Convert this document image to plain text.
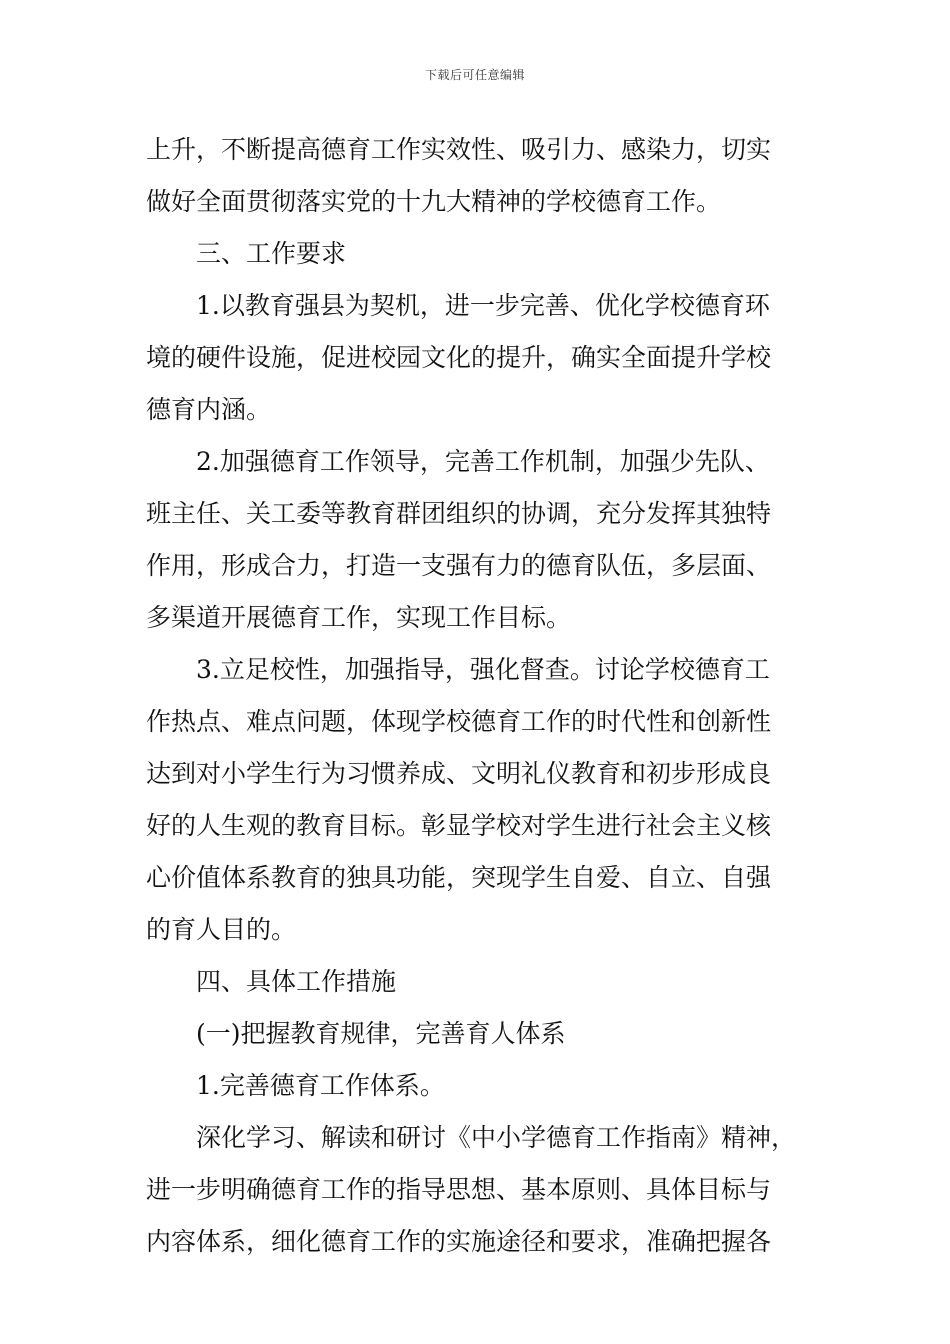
下载后可任意编辑
上升，不断提高德育工作实效性、吸引力、感染力，切实
做好全面贯彻落实党的十九大精神的学校德育工作。
三、工作要求
1.以教育强县为契机，进一步完善、优化学校德育环
境的硬件设施，促进校园文化的提升，确实全面提升学校
德育内涵。
2.加强德育工作领导，完善工作机制，加强少先队、
班主任、关工委等教育群团组织的协调，充分发挥其独特
作用，形成合力，打造一支强有力的德育队伍，多层面、
多渠道开展德育工作，实现工作目标。
3.立足校性，加强指导，强化督查。讨论学校德育工
作热点、难点问题，体现学校德育工作的时代性和创新性
达到对小学生行为习惯养成、文明礼仪教育和初步形成良
好的人生观的教育目标。彰显学校对学生进行社会主义核
心价值体系教育的独具功能，突现学生自爱、自立、自强
的育人目的。
四、具体工作措施
(一)把握教育规律，完善育人体系
1.完善德育工作体系。
深化学习、解读和研讨《中小学德育工作指南》精神，
进一步明确德育工作的指导思想、基本原则、具体目标与
内容体系，细化德育工作的实施途径和要求，准确把握各
